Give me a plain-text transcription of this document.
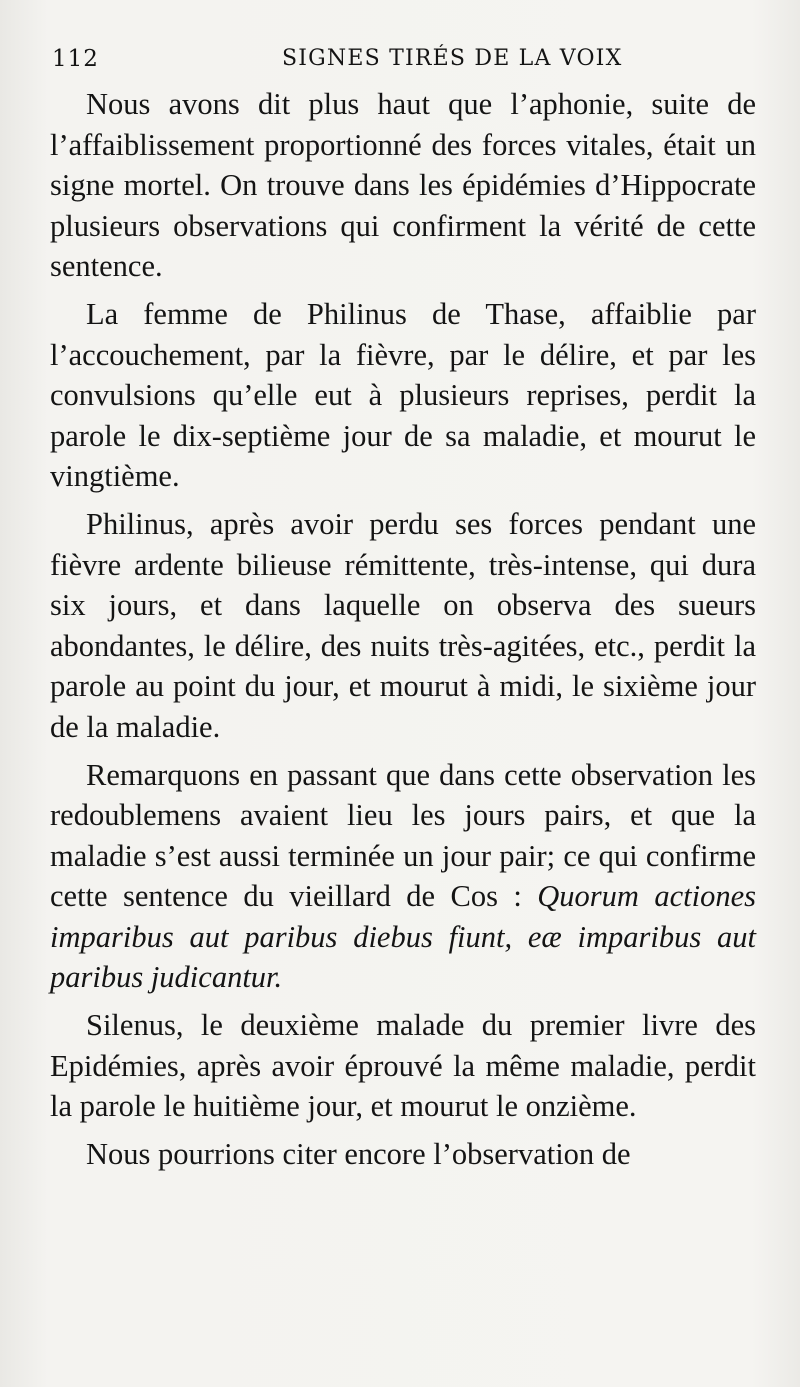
112	SIGNES TIRÉS DE LA VOIX

Nous avons dit plus haut que l’aphonie, suite de l’affaiblissement proportionné des forces vitales, était un signe mortel. On trouve dans les épidémies d’Hippocrate plusieurs observations qui confirment la vérité de cette sentence.

La femme de Philinus de Thase, affaiblie par l’accouchement, par la fièvre, par le délire, et par les convulsions qu’elle eut à plusieurs reprises, perdit la parole le dix-septième jour de sa maladie, et mourut le vingtième.

Philinus, après avoir perdu ses forces pendant une fièvre ardente bilieuse rémittente, très-intense, qui dura six jours, et dans laquelle on observa des sueurs abondantes, le délire, des nuits très-agitées, etc., perdit la parole au point du jour, et mourut à midi, le sixième jour de la maladie.

Remarquons en passant que dans cette observation les redoublemens avaient lieu les jours pairs, et que la maladie s’est aussi terminée un jour pair; ce qui confirme cette sentence du vieillard de Cos : Quorum actiones imparibus aut paribus diebus fiunt, eæ imparibus aut paribus judicantur.

Silenus, le deuxième malade du premier livre des Epidémies, après avoir éprouvé la même maladie, perdit la parole le huitième jour, et mourut le onzième.

Nous pourrions citer encore l’observation de
